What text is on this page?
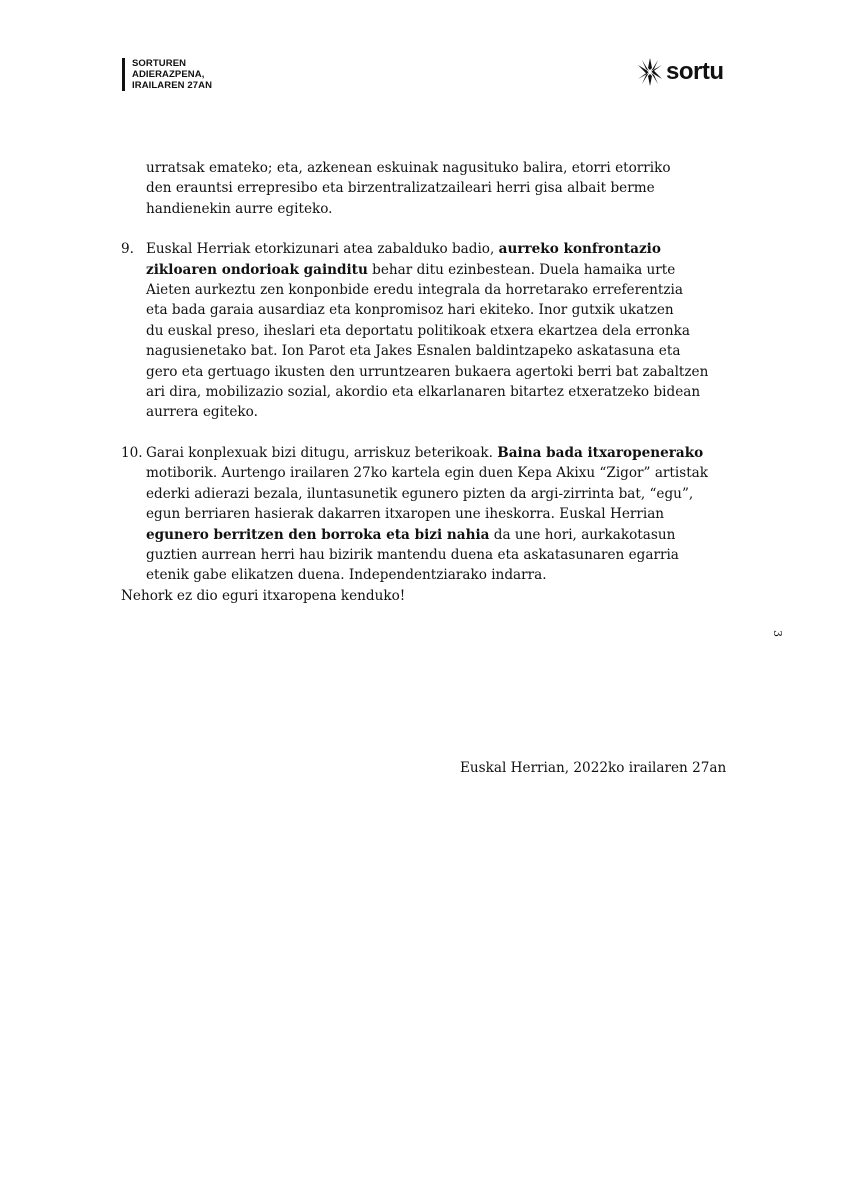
SORTUREN
ADIERAZPENA,
IRAILAREN 27AN
sortu

urratsak emateko; eta, azkenean eskuinak nagusituko balira, etorri etorriko
den erauntsi errepresibo eta birzentralizatzaileari herri gisa albait berme
handienekin aurre egiteko.

9. Euskal Herriak etorkizunari atea zabalduko badio, aurreko konfrontazio
zikloaren ondorioak gainditu behar ditu ezinbestean. Duela hamaika urte
Aieten aurkeztu zen konponbide eredu integrala da horretarako erreferentzia
eta bada garaia ausardiaz eta konpromisoz hari ekiteko. Inor gutxik ukatzen
du euskal preso, iheslari eta deportatu politikoak etxera ekartzea dela erronka
nagusienetako bat. Ion Parot eta Jakes Esnalen baldintzapeko askatasuna eta
gero eta gertuago ikusten den urruntzearen bukaera agertoki berri bat zabaltzen
ari dira, mobilizazio sozial, akordio eta elkarlanaren bitartez etxeratzeko bidean
aurrera egiteko.
10. Garai konplexuak bizi ditugu, arriskuz beterikoak. Baina bada itxaropenerako
motiborik. Aurtengo irailaren 27ko kartela egin duen Kepa Akixu “Zigor” artistak
ederki adierazi bezala, iluntasunetik egunero pizten da argi-zirrinta bat, “egu”,
egun berriaren hasierak dakarren itxaropen une iheskorra. Euskal Herrian
egunero berritzen den borroka eta bizi nahia da une hori, aurkakotasun
guztien aurrean herri hau bizirik mantendu duena eta askatasunaren egarria
etenik gabe elikatzen duena. Independentziarako indarra.

Nehork ez dio eguri itxaropena kenduko!

3
Euskal Herrian, 2022ko irailaren 27an
